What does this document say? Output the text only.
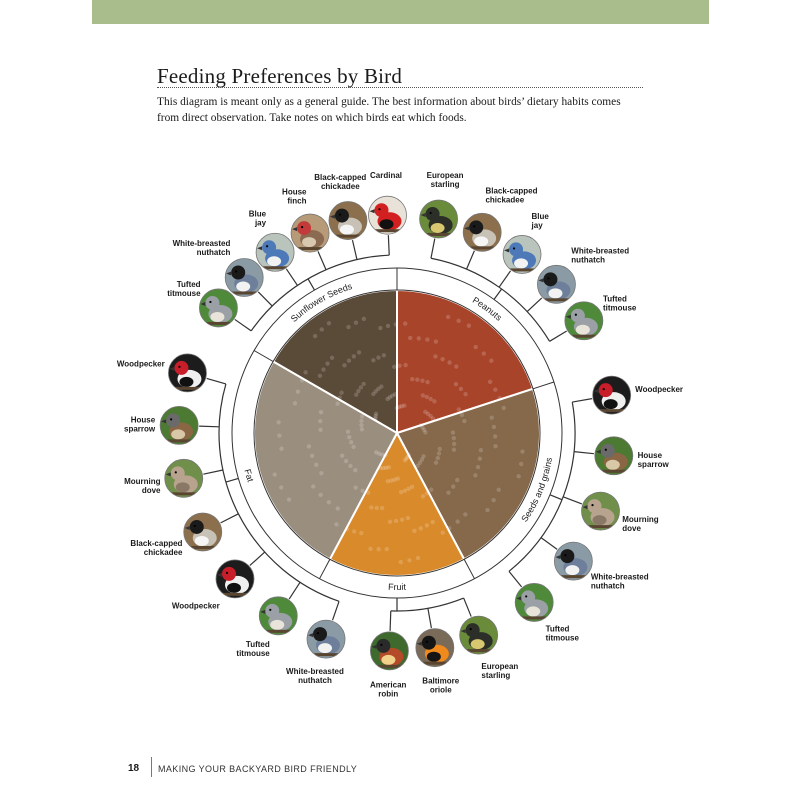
Feeding Preferences by Bird

This diagram is meant only as a general guide. The best information about birds’ dietary habits comes from direct observation. Take notes on which birds eat which foods.

Sunflower Seeds
Tufted titmouse
White-breasted nuthatch
Blue jay
House finch
Black-capped chickadee
Cardinal
Peanuts
European starling
Black-capped chickadee
Blue jay
White-breasted nuthatch
Tufted titmouse
Seeds and grains
Woodpecker
House sparrow
Mourning dove
White-breasted nuthatch
Tufted titmouse
Fruit
European starling
Baltimore oriole
American robin
Fat
White-breasted nuthatch
Tufted titmouse
Woodpecker
Black-capped chickadee
Mourning dove
House sparrow
Woodpecker
18 MAKING YOUR BACKYARD BIRD FRIENDLY
